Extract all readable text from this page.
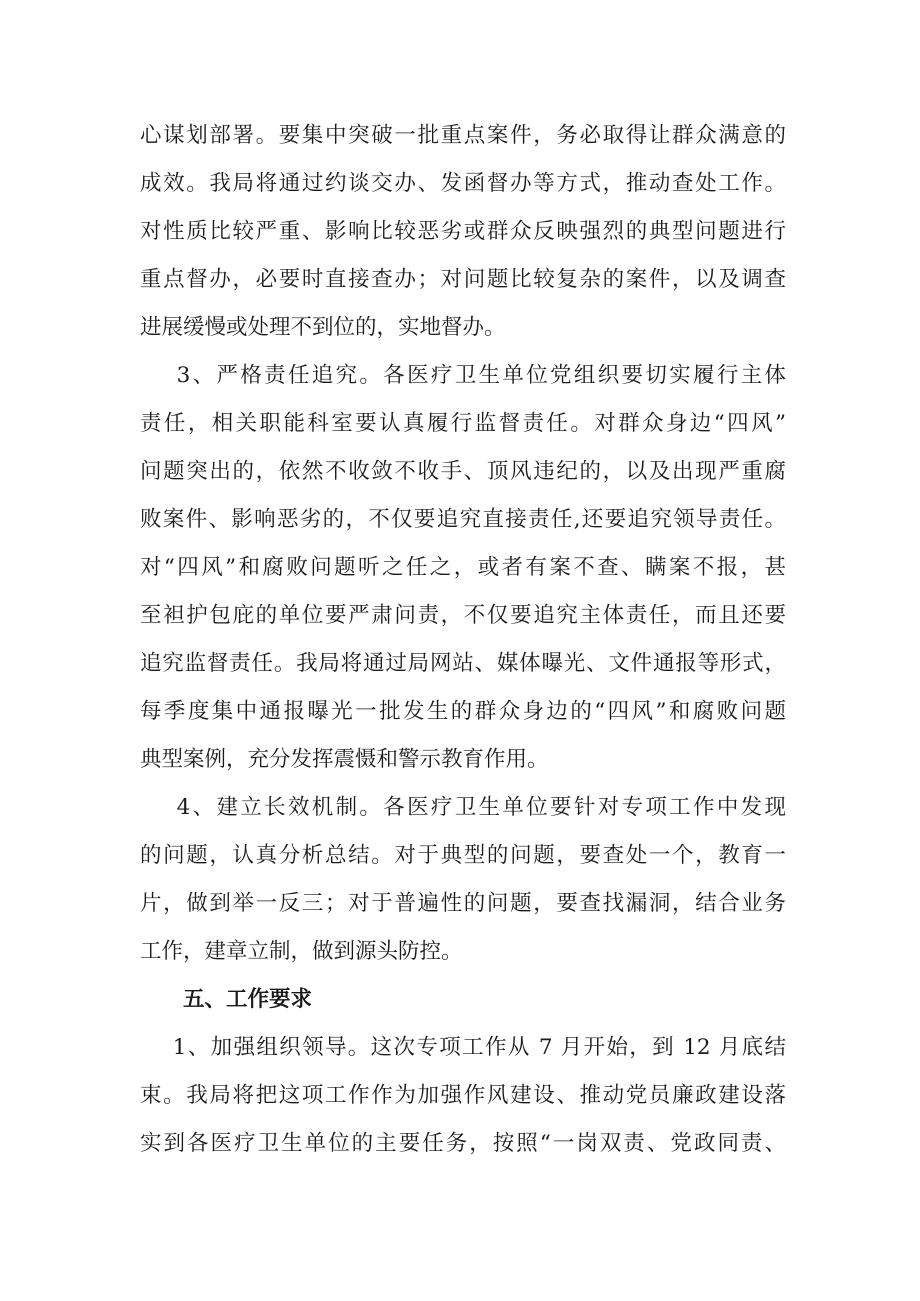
心谋划部署。要集中突破一批重点案件，务必取得让群众满意的
成效。我局将通过约谈交办、发函督办等方式，推动查处工作。
对性质比较严重、影响比较恶劣或群众反映强烈的典型问题进行
重点督办，必要时直接查办；对问题比较复杂的案件，以及调查
进展缓慢或处理不到位的，实地督办。
3、严格责任追究。各医疗卫生单位党组织要切实履行主体
责任，相关职能科室要认真履行监督责任。对群众身边“四风”
问题突出的，依然不收敛不收手、顶风违纪的，以及出现严重腐
败案件、影响恶劣的，不仅要追究直接责任,还要追究领导责任。
对“四风”和腐败问题听之任之，或者有案不查、瞒案不报，甚
至袒护包庇的单位要严肃问责，不仅要追究主体责任，而且还要
追究监督责任。我局将通过局网站、媒体曝光、文件通报等形式，
每季度集中通报曝光一批发生的群众身边的“四风”和腐败问题
典型案例，充分发挥震慑和警示教育作用。
4、建立长效机制。各医疗卫生单位要针对专项工作中发现
的问题，认真分析总结。对于典型的问题，要查处一个，教育一
片，做到举一反三；对于普遍性的问题，要查找漏洞，结合业务
工作，建章立制，做到源头防控。
五、工作要求
1、加强组织领导。这次专项工作从 7 月开始，到 12 月底结
束。我局将把这项工作作为加强作风建设、推动党员廉政建设落
实到各医疗卫生单位的主要任务，按照“一岗双责、党政同责、
